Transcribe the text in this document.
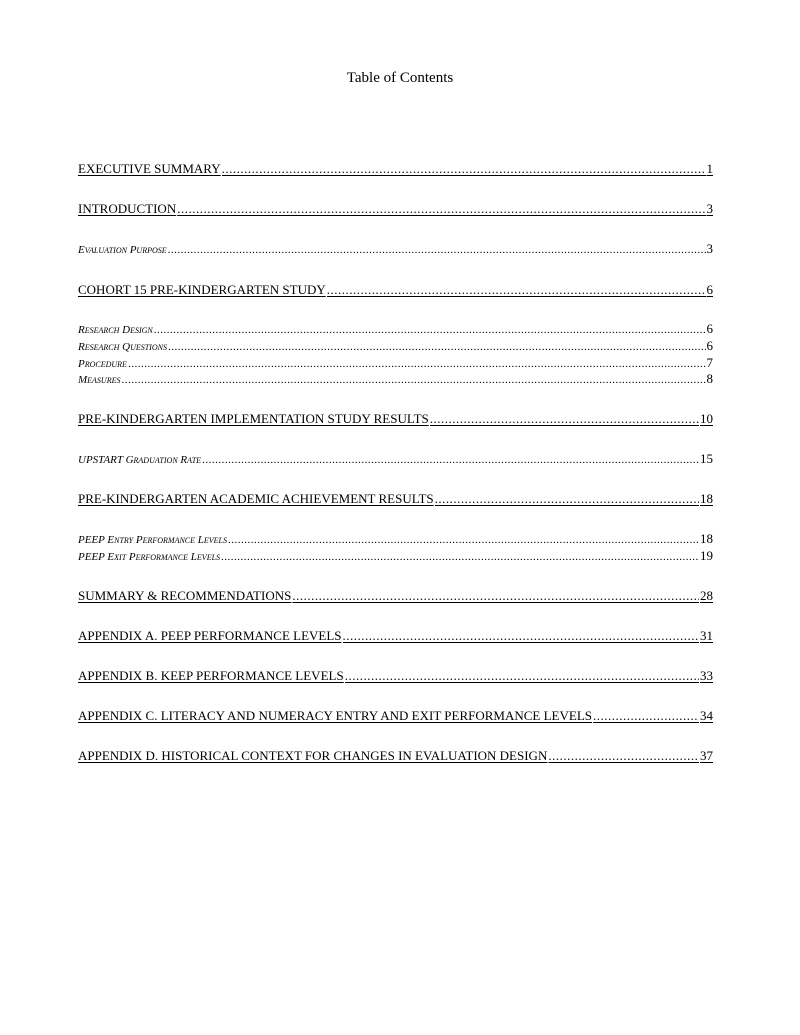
Table of Contents
EXECUTIVE SUMMARY .....	1
INTRODUCTION .....	3
Evaluation Purpose .....	3
COHORT 15 PRE-KINDERGARTEN STUDY .....	6
Research Design .....	6
Research Questions .....	6
Procedure .....	7
Measures .....	8
PRE-KINDERGARTEN IMPLEMENTATION STUDY RESULTS .....	10
UPSTART Graduation Rate .....	15
PRE-KINDERGARTEN ACADEMIC ACHIEVEMENT RESULTS .....	18
PEEP Entry Performance Levels .....	18
PEEP Exit Performance Levels .....	19
SUMMARY & RECOMMENDATIONS .....	28
APPENDIX A. PEEP PERFORMANCE LEVELS .....	31
APPENDIX B. KEEP PERFORMANCE LEVELS .....	33
APPENDIX C. LITERACY AND NUMERACY ENTRY AND EXIT PERFORMANCE LEVELS .....	34
APPENDIX D. HISTORICAL CONTEXT FOR CHANGES IN EVALUATION DESIGN .....	37
